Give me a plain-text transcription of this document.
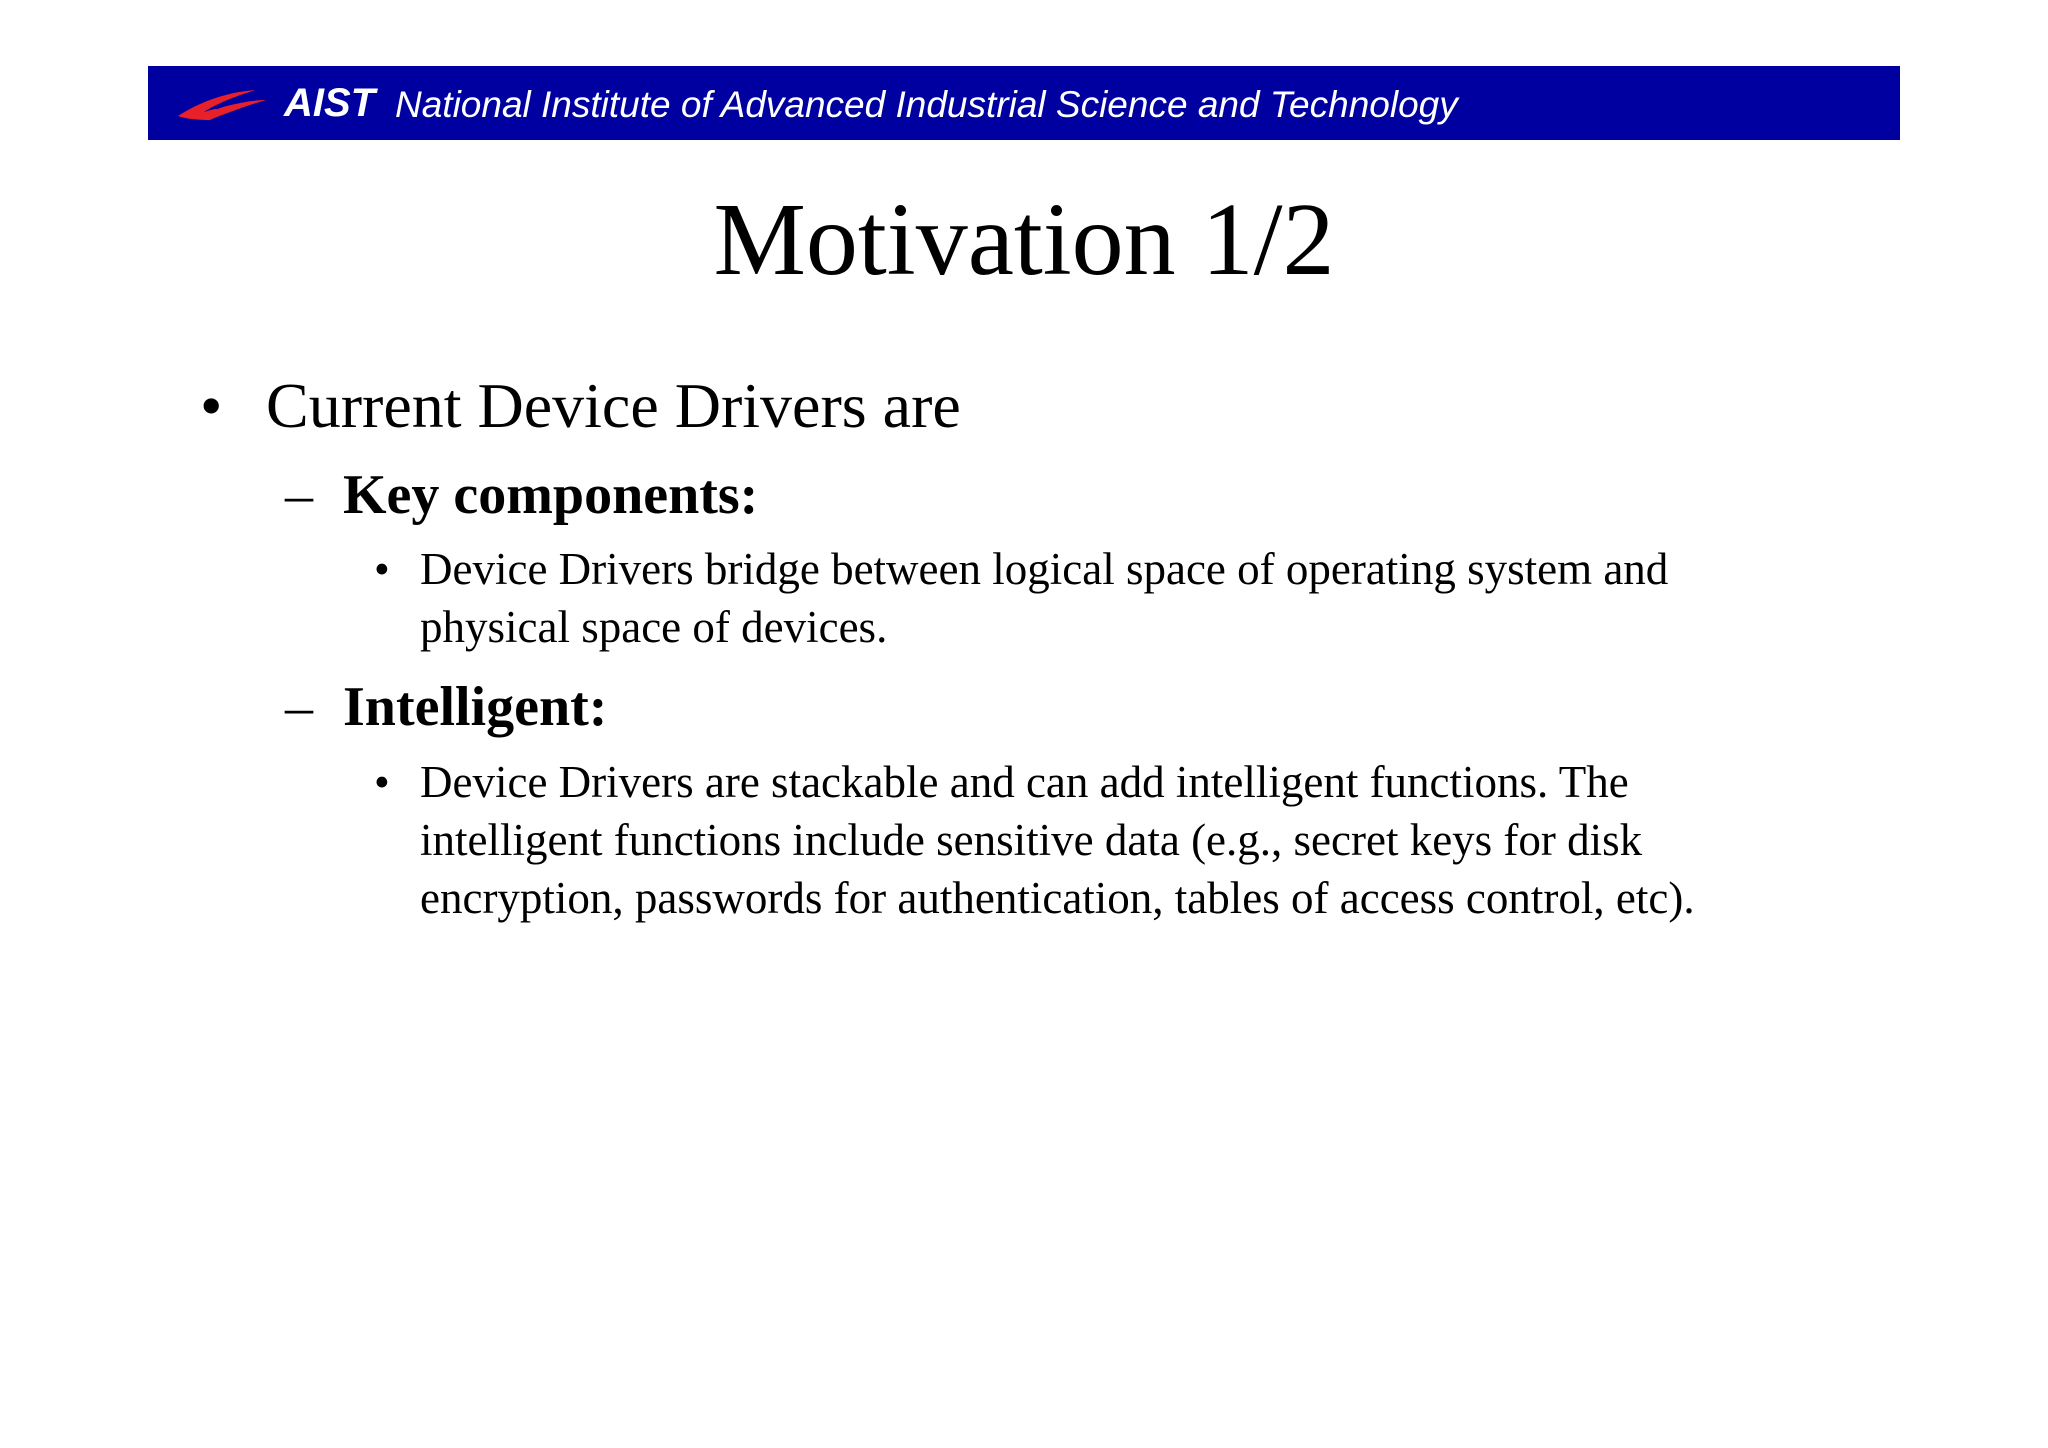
AIST National Institute of Advanced Industrial Science and Technology
Motivation 1/2
• Current Device Drivers are
– Key components:
• Device Drivers bridge between logical space of operating system and
physical space of devices.
– Intelligent:
• Device Drivers are stackable and can add intelligent functions. The
intelligent functions include sensitive data (e.g., secret keys for disk
encryption, passwords for authentication, tables of access control, etc).
